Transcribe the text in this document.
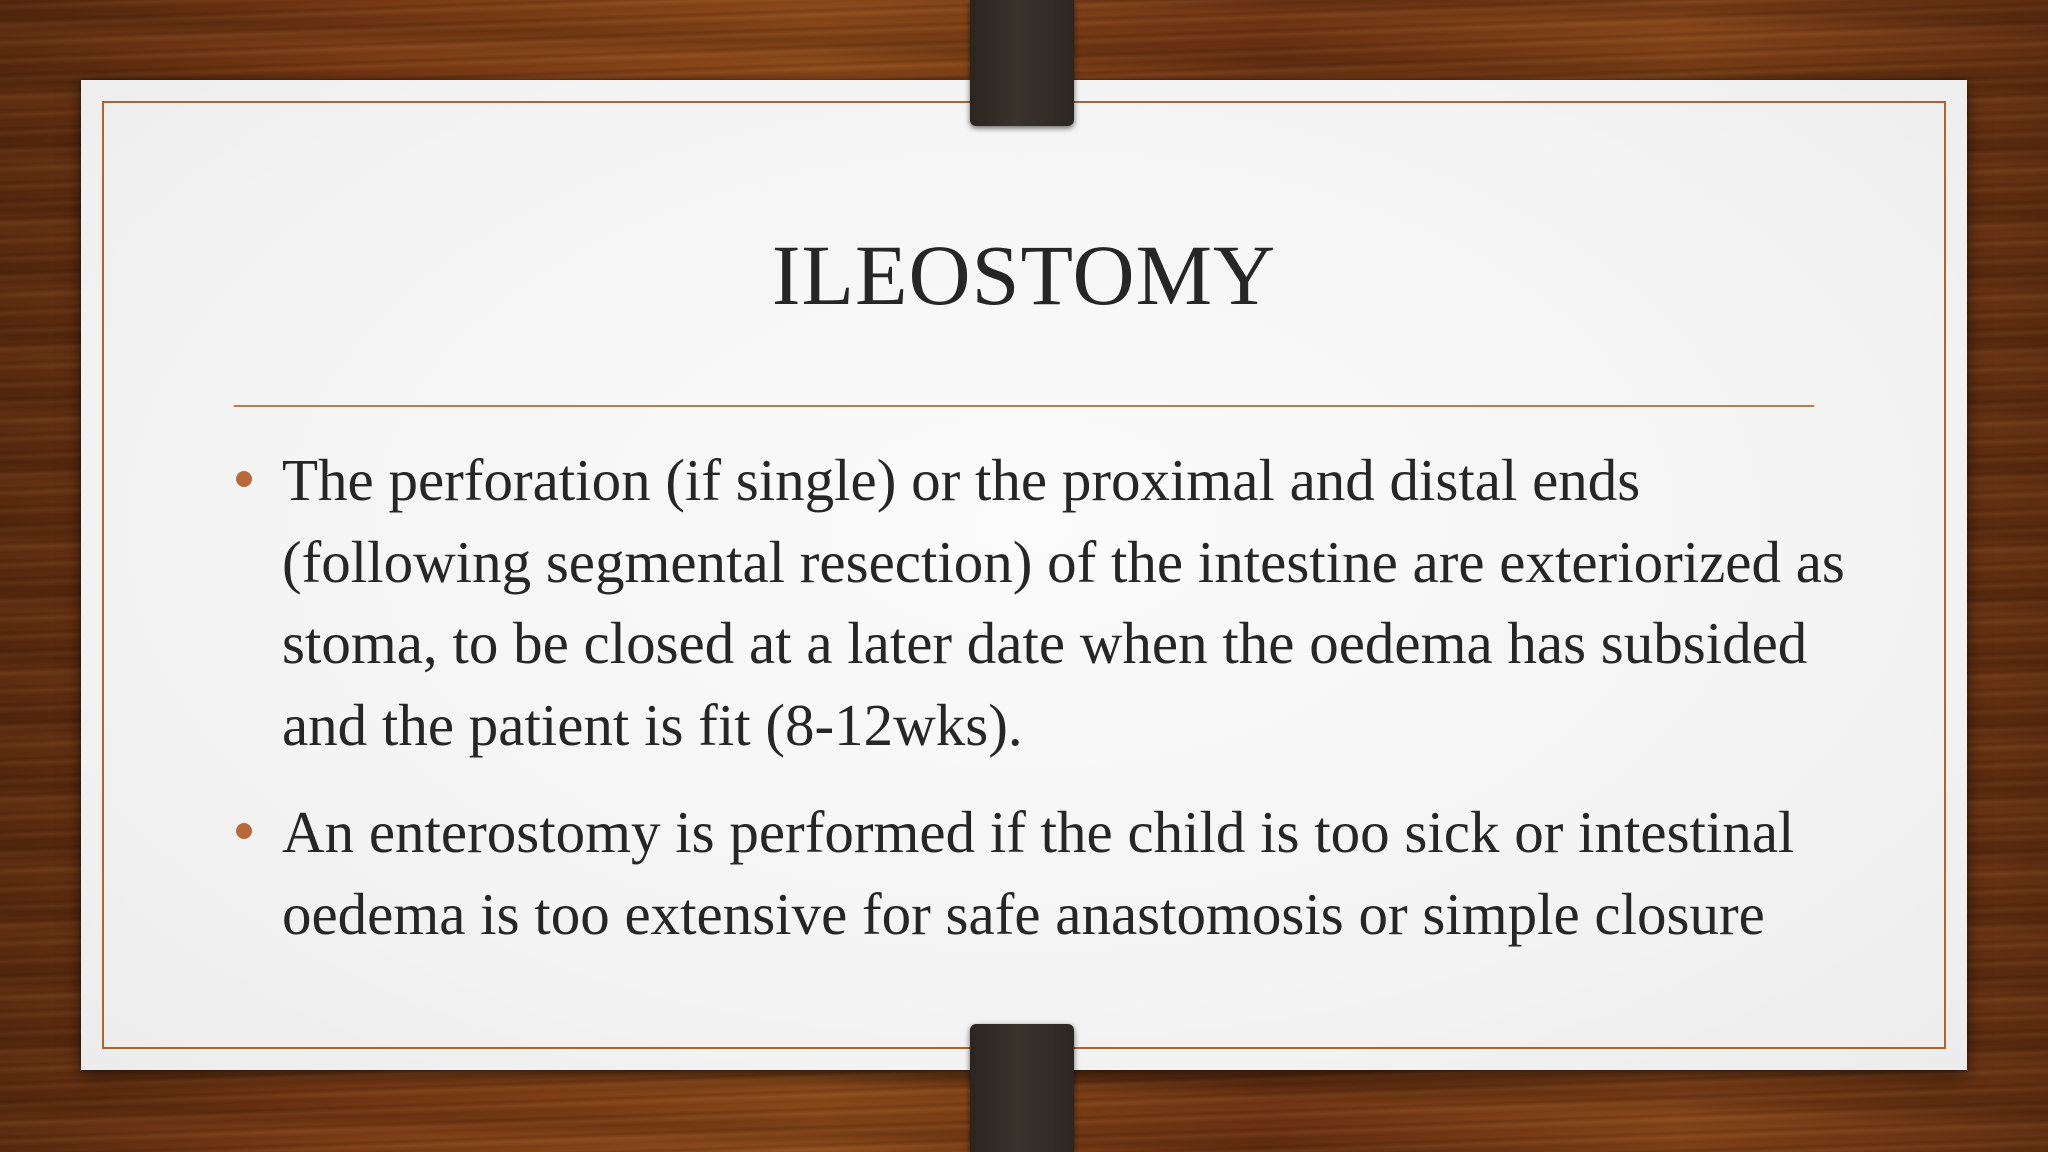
ILEOSTOMY
The perforation (if single) or the proximal and distal ends (following segmental resection) of the intestine are exteriorized as stoma, to be closed at a later date when the oedema has subsided and the patient is fit (8-12wks).
An enterostomy is performed if the child is too sick or intestinal oedema is too extensive for safe anastomosis or simple closure
